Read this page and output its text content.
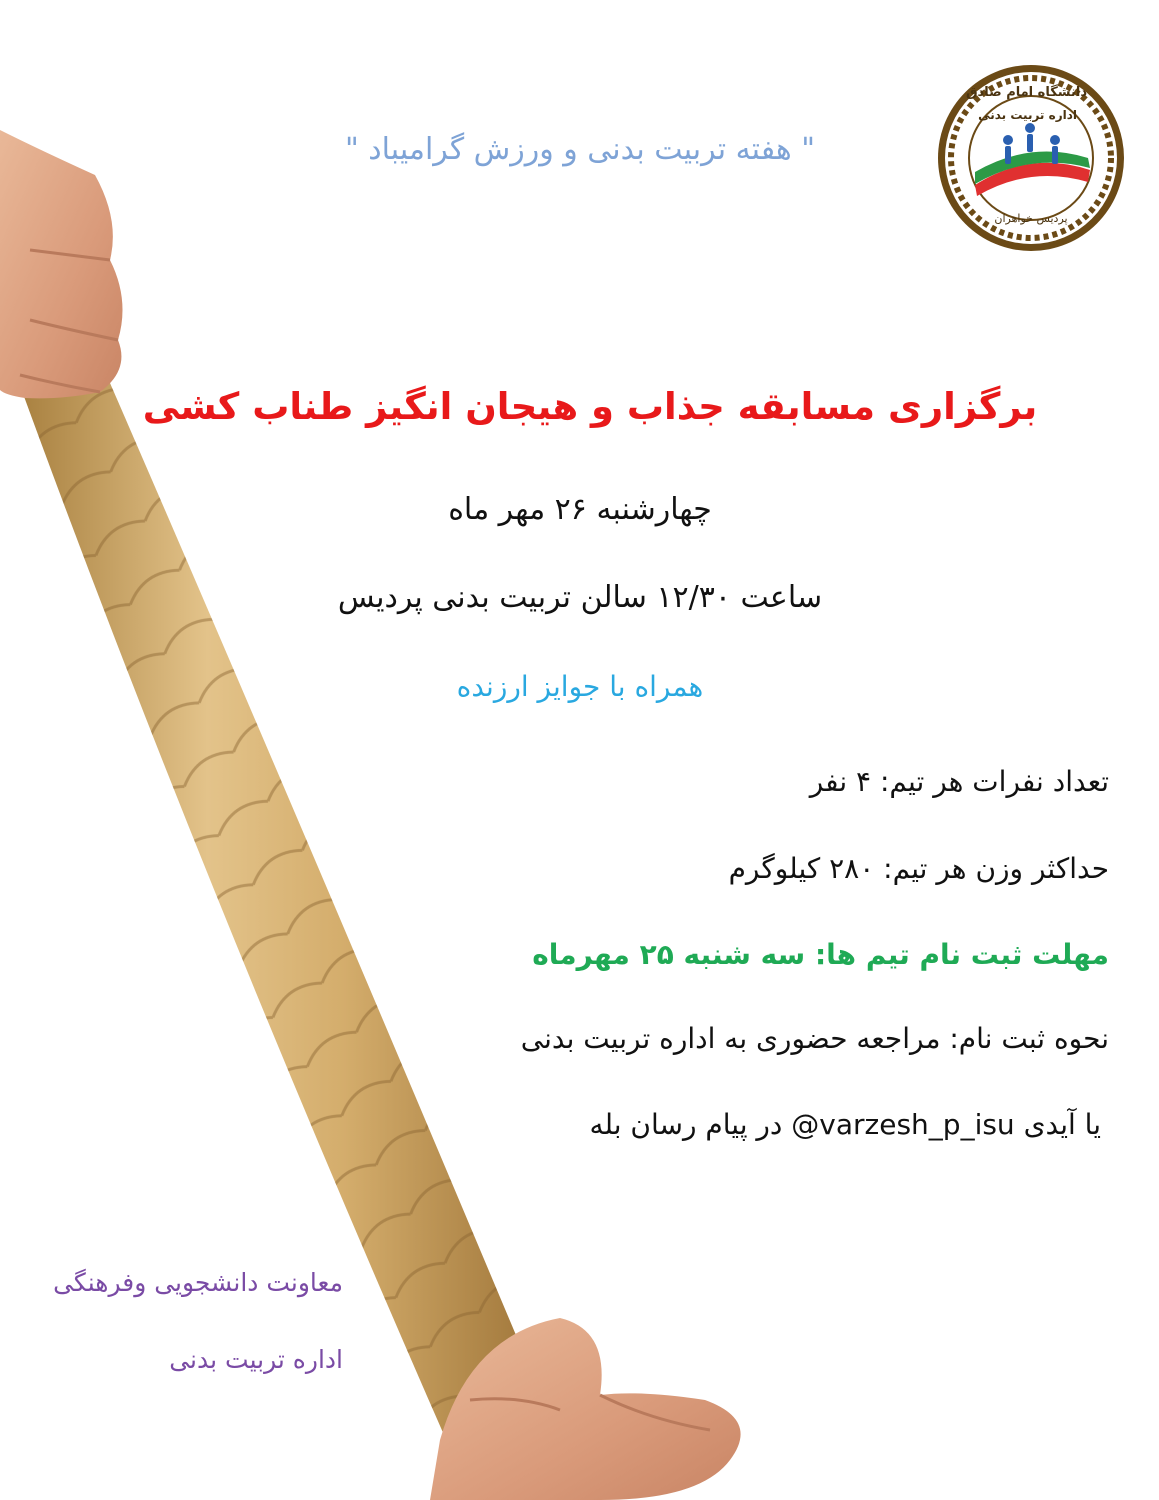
دانشگاه امام صادق
اداره تربیت بدنی
پردیس خواهران
" هفته تربیت بدنی و ورزش گرامیباد "
برگزاری مسابقه جذاب و هیجان انگیز طناب کشی
چهارشنبه ۲۶ مهر ماه
ساعت ۱۲/۳۰ سالن تربیت بدنی پردیس
همراه با جوایز ارزنده
تعداد نفرات هر تیم: ۴ نفر
حداکثر وزن هر تیم: ۲۸۰ کیلوگرم
مهلت ثبت نام تیم ها: سه شنبه ۲۵ مهرماه
نحوه ثبت نام: مراجعه حضوری به اداره تربیت بدنی
یا آیدی varzesh_p_isu@ در پیام رسان بله
معاونت دانشجویی وفرهنگی
اداره تربیت بدنی
